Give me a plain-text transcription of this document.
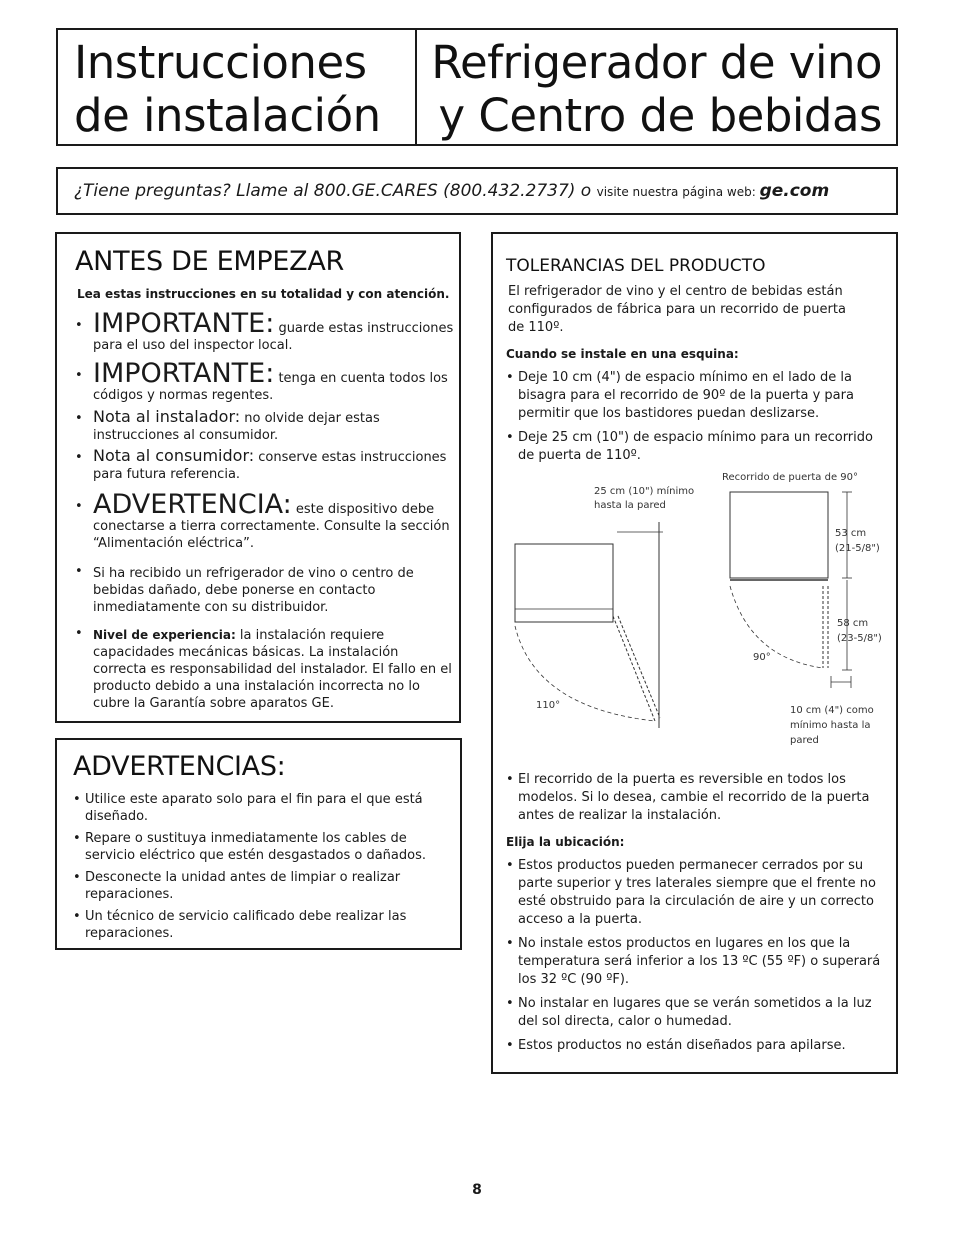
Instrucciones
de instalación
Refrigerador de vino
y Centro de bebidas
¿Tiene preguntas? Llame al 800.GE.CARES (800.432.2737) o visite nuestra página web: ge.com
ANTES DE EMPEZAR
Lea estas instrucciones en su totalidad y con atención.
• IMPORTANTE: guarde estas instrucciones para el uso del inspector local.
• IMPORTANTE: tenga en cuenta todos los códigos y normas regentes.
• Nota al instalador: no olvide dejar estas instrucciones al consumidor.
• Nota al consumidor: conserve estas instrucciones para futura referencia.
• ADVERTENCIA: este dispositivo debe conectarse a tierra correctamente. Consulte la sección “Alimentación eléctrica”.
• Si ha recibido un refrigerador de vino o centro de bebidas dañado, debe ponerse en contacto inmediatamente con su distribuidor.
• Nivel de experiencia: la instalación requiere capacidades mecánicas básicas. La instalación correcta es responsabilidad del instalador. El fallo en el producto debido a una instalación incorrecta no lo cubre la Garantía sobre aparatos GE.
ADVERTENCIAS:
• Utilice este aparato solo para el fin para el que está diseñado.
• Repare o sustituya inmediatamente los cables de servicio eléctrico que estén desgastados o dañados.
• Desconecte la unidad antes de limpiar o realizar reparaciones.
• Un técnico de servicio calificado debe realizar las reparaciones.
TOLERANCIAS DEL PRODUCTO
El refrigerador de vino y el centro de bebidas están configurados de fábrica para un recorrido de puerta de 110º.
Cuando se instale en una esquina:
• Deje 10 cm (4") de espacio mínimo en el lado de la bisagra para el recorrido de 90º de la puerta y para permitir que los bastidores puedan deslizarse.
• Deje 25 cm (10") de espacio mínimo para un recorrido de puerta de 110º.
25 cm (10") mínimo
hasta la pared
110°
Recorrido de puerta de 90°
53 cm
(21-5/8")
58 cm
(23-5/8")
90°
10 cm (4") como
mínimo hasta la
pared
• El recorrido de la puerta es reversible en todos los modelos. Si lo desea, cambie el recorrido de la puerta antes de realizar la instalación.
Elija la ubicación:
• Estos productos pueden permanecer cerrados por su parte superior y tres laterales siempre que el frente no esté obstruido para la circulación de aire y un correcto acceso a la puerta.
• No instale estos productos en lugares en los que la temperatura será inferior a los 13 ºC (55 ºF) o superará los 32 ºC (90 ºF).
• No instalar en lugares que se verán sometidos a la luz del sol directa, calor o humedad.
• Estos productos no están diseñados para apilarse.
8
